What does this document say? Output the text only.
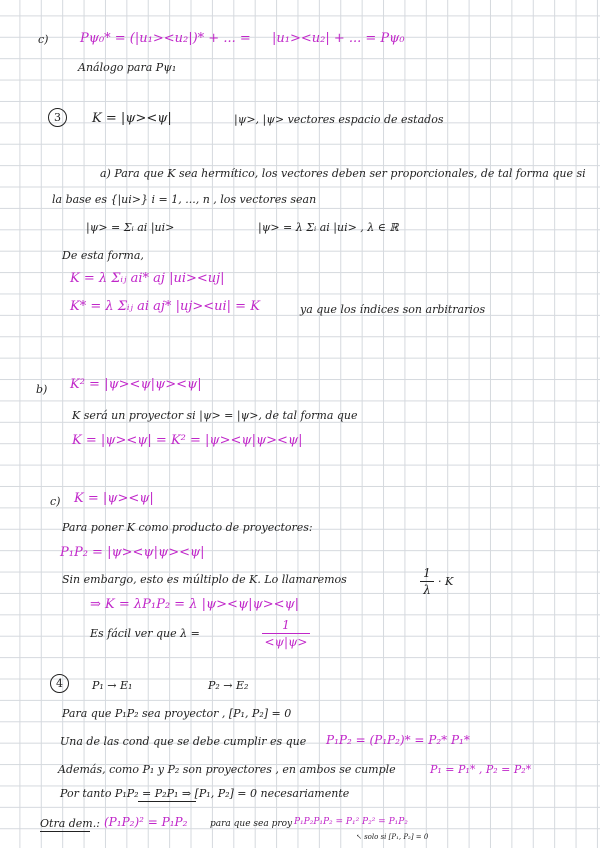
c) Pψ₀* = (|u₁><u₂|)* + ... = |u₁><u₂| + ... = Pψ₀
Análogo para Pψ₁
3	K = |ψ><ψ|	|ψ>, |ψ> vectores espacio de estados
a) Para que K sea hermítico, los vectores deben ser proporcionales, de tal forma que si
la base es {|ui>} i = 1, ..., n , los vectores sean
|ψ> = Σᵢ ai |ui>	|ψ> = λ Σᵢ ai |ui> , λ ∈ ℝ
De esta forma,
K = λ Σᵢⱼ ai* aj |ui><uj|
K* = λ Σᵢⱼ ai aj* |uj><ui| = K	ya que los índices son arbitrarios
b) K² = |ψ><ψ|ψ><ψ|
K será un proyector si |ψ> = |ψ>, de tal forma que
K = |ψ><ψ| = K² = |ψ><ψ|ψ><ψ|
c) K = |ψ><ψ|
Para poner K como producto de proyectores:
P₁P₂ = |ψ><ψ|ψ><ψ|
Sin embargo, esto es múltiplo de K. Lo llamaremos	1
λ
· K
⇒ K = λP₁P₂ = λ |ψ><ψ|ψ><ψ|
Es fácil ver que λ =
1
<ψ|ψ>
4	P₁ → E₁	P₂ → E₂
Para que P₁P₂ sea proyector , [P₁, P₂] = 0
Una de las cond que se debe cumplir es que P₁P₂ = (P₁P₂)* = P₂* P₁*
Además, como P₁ y P₂ son proyectores , en ambos se cumple	P₁ = P₁* , P₂ = P₂*
Por tanto P₁P₂ = P₂P₁ ⇒ [P₁, P₂] = 0 necesariamente
Otra dem.: (P₁P₂)² = P₁P₂	para que sea proy P₁P₂P₁P₂ = P₁² P₂² = P₁P₂
↖ solo si [P₁, P₂] = 0
